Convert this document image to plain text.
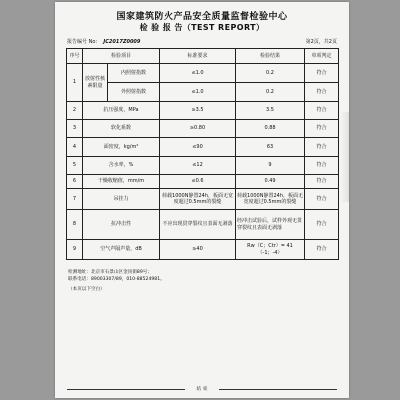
国家建筑防火产品安全质量监督检验中心
检 验 报 告（TEST REPORT）
报告编号 No： JC2017Z0009	第2页，共2页
序号	检验项目		标准要求	检验结果	单项判定
1	放射性核素限量	内照射指数	≤1.0	0.2	符合
		外照射指数	≤1.0	0.2	符合
2	抗压强度，MPa		≥3.5	3.5	符合
3	软化系数		≥0.80	0.88	符合
4	面密度，kg/m²		≤90	63	符合
5	含水率，%		≤12	9	符合
6	干燥收缩值，mm/m		≤0.6	0.49	符合
7	吊挂力		荷载1000N静置24h，板面无宽度超过0.5mm的裂缝	荷载1000N静置24h，板面无宽度超过0.5mm的裂缝	符合
8	抗冲击性		不应出现贯穿裂纹且表面无剥落	经冲击试验后，试样外观无贯穿裂纹且表面无剥落	符合
9	空气声隔声量，dB		≥40	Rw（C；Ctr）= 41（-1；-4）	符合
检测地址：北京市石景山区金顶街89号；
联系电话：89003307/89，010-88524981。
（本页以下空白）
结 束
